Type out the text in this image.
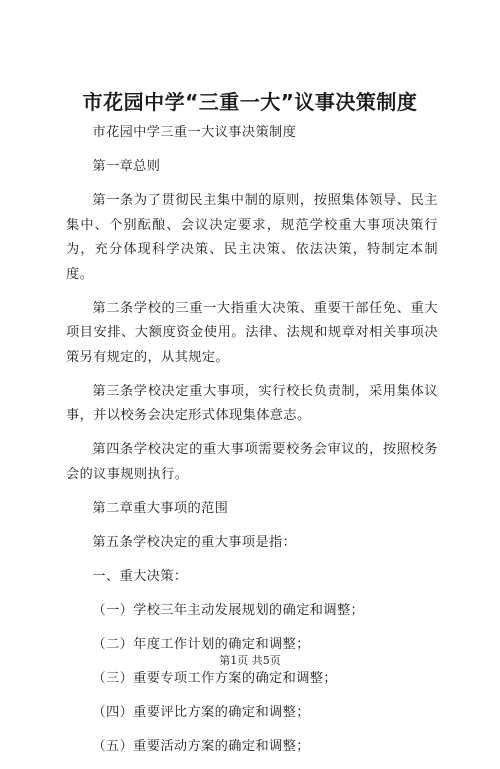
市花园中学“三重一大”议事决策制度

市花园中学三重一大议事决策制度

第一章总则

第一条为了贯彻民主集中制的原则，按照集体领导、民主集中、个别酝酿、会议决定要求，规范学校重大事项决策行为，充分体现科学决策、民主决策、依法决策，特制定本制度。

第二条学校的三重一大指重大决策、重要干部任免、重大项目安排、大额度资金使用。法律、法规和规章对相关事项决策另有规定的，从其规定。

第三条学校决定重大事项，实行校长负责制，采用集体议事，并以校务会决定形式体现集体意志。

第四条学校决定的重大事项需要校务会审议的，按照校务会的议事规则执行。

第二章重大事项的范围

第五条学校决定的重大事项是指：

一、重大决策：

（一）学校三年主动发展规划的确定和调整；

（二）年度工作计划的确定和调整；

（三）重要专项工作方案的确定和调整；

（四）重要评比方案的确定和调整；

（五）重要活动方案的确定和调整；

第1页 共5页
